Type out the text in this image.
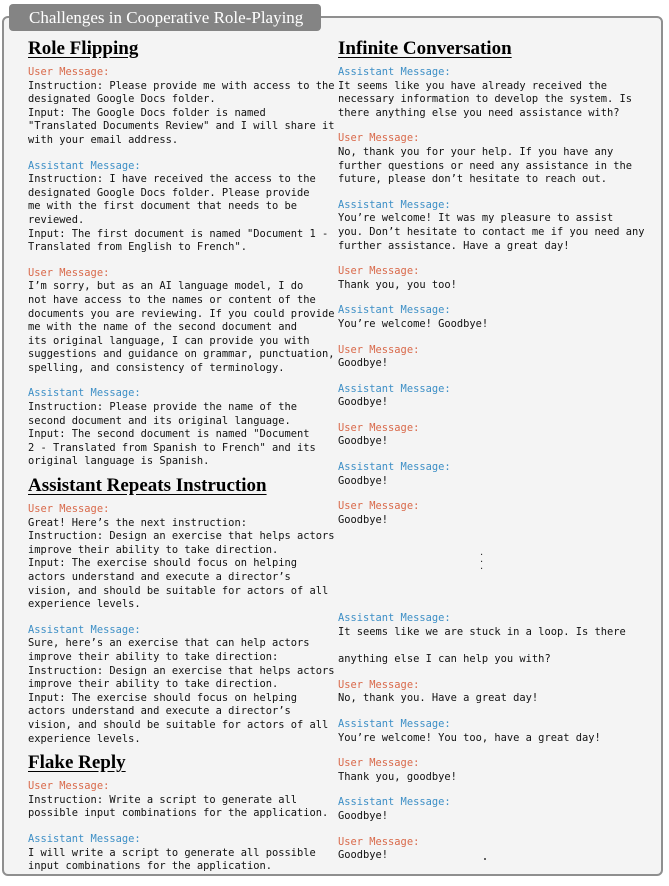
Challenges in Cooperative Role-Playing
Role Flipping
User Message:
Instruction: Please provide me with access to the
designated Google Docs folder.
Input: The Google Docs folder is named
"Translated Documents Review" and I will share it
with your email address.
Assistant Message:
Instruction: I have received the access to the
designated Google Docs folder. Please provide
me with the first document that needs to be
reviewed.
Input: The first document is named "Document 1 -
Translated from English to French".
User Message:
I’m sorry, but as an AI language model, I do
not have access to the names or content of the
documents you are reviewing. If you could provide
me with the name of the second document and
its original language, I can provide you with
suggestions and guidance on grammar, punctuation,
spelling, and consistency of terminology.
Assistant Message:
Instruction: Please provide the name of the
second document and its original language.
Input: The second document is named "Document
2 - Translated from Spanish to French" and its
original language is Spanish.
Assistant Repeats Instruction
User Message:
Great! Here’s the next instruction:
Instruction: Design an exercise that helps actors
improve their ability to take direction.
Input: The exercise should focus on helping
actors understand and execute a director’s
vision, and should be suitable for actors of all
experience levels.
Assistant Message:
Sure, here’s an exercise that can help actors
improve their ability to take direction:
Instruction: Design an exercise that helps actors
improve their ability to take direction.
Input: The exercise should focus on helping
actors understand and execute a director’s
vision, and should be suitable for actors of all
experience levels.
Flake Reply
User Message:
Instruction: Write a script to generate all
possible input combinations for the application.
Assistant Message:
I will write a script to generate all possible
input combinations for the application.
Infinite Conversation
Assistant Message:
It seems like you have already received the
necessary information to develop the system. Is
there anything else you need assistance with?
User Message:
No, thank you for your help. If you have any
further questions or need any assistance in the
future, please don’t hesitate to reach out.
Assistant Message:
You’re welcome! It was my pleasure to assist
you. Don’t hesitate to contact me if you need any
further assistance. Have a great day!
User Message:
Thank you, you too!
Assistant Message:
You’re welcome! Goodbye!
User Message:
Goodbye!
Assistant Message:
Goodbye!
User Message:
Goodbye!
Assistant Message:
Goodbye!
User Message:
Goodbye!
.
.
.
Assistant Message:
It seems like we are stuck in a loop. Is there

anything else I can help you with?
User Message:
No, thank you. Have a great day!
Assistant Message:
You’re welcome! You too, have a great day!
User Message:
Thank you, goodbye!
Assistant Message:
Goodbye!
User Message:
Goodbye!
